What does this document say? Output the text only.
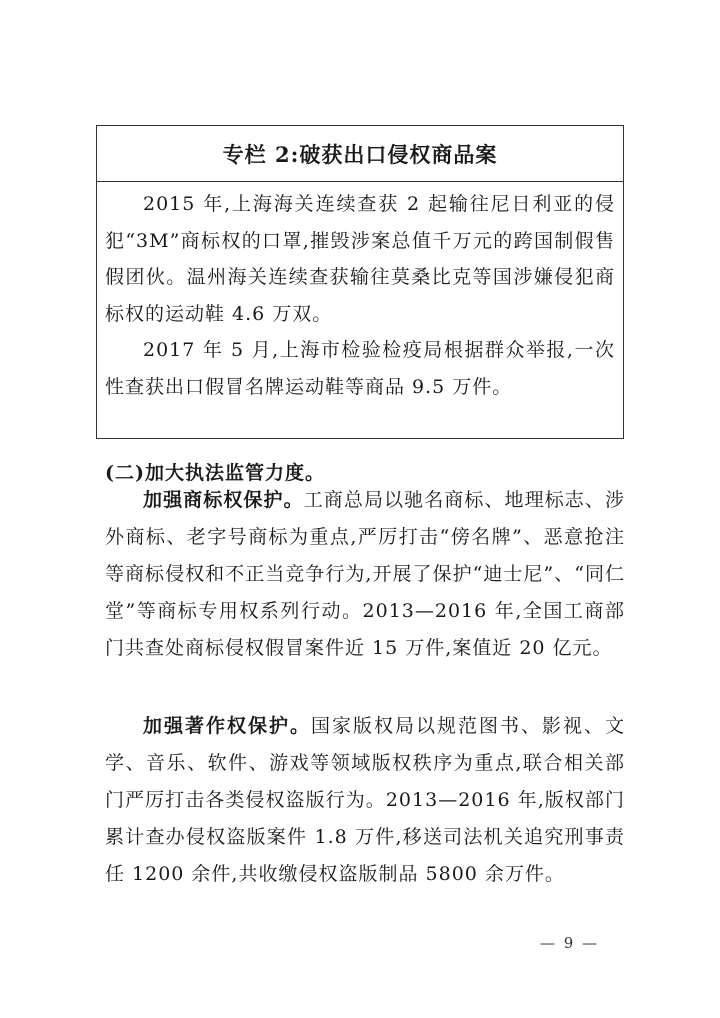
专栏 2:破获出口侵权商品案

2015 年,上海海关连续查获 2 起输往尼日利亚的侵犯“3M”商标权的口罩,摧毁涉案总值千万元的跨国制假售假团伙。温州海关连续查获输往莫桑比克等国涉嫌侵犯商标权的运动鞋 4.6 万双。

2017 年 5 月,上海市检验检疫局根据群众举报,一次性查获出口假冒名牌运动鞋等商品 9.5 万件。

(二)加大执法监管力度。

加强商标权保护。工商总局以驰名商标、地理标志、涉外商标、老字号商标为重点,严厉打击“傍名牌”、恶意抢注等商标侵权和不正当竞争行为,开展了保护“迪士尼”、“同仁堂”等商标专用权系列行动。2013—2016 年,全国工商部门共查处商标侵权假冒案件近 15 万件,案值近 20 亿元。

加强著作权保护。国家版权局以规范图书、影视、文学、音乐、软件、游戏等领域版权秩序为重点,联合相关部门严厉打击各类侵权盗版行为。2013—2016 年,版权部门累计查办侵权盗版案件 1.8 万件,移送司法机关追究刑事责任 1200 余件,共收缴侵权盗版制品 5800 余万件。

— 9 —
